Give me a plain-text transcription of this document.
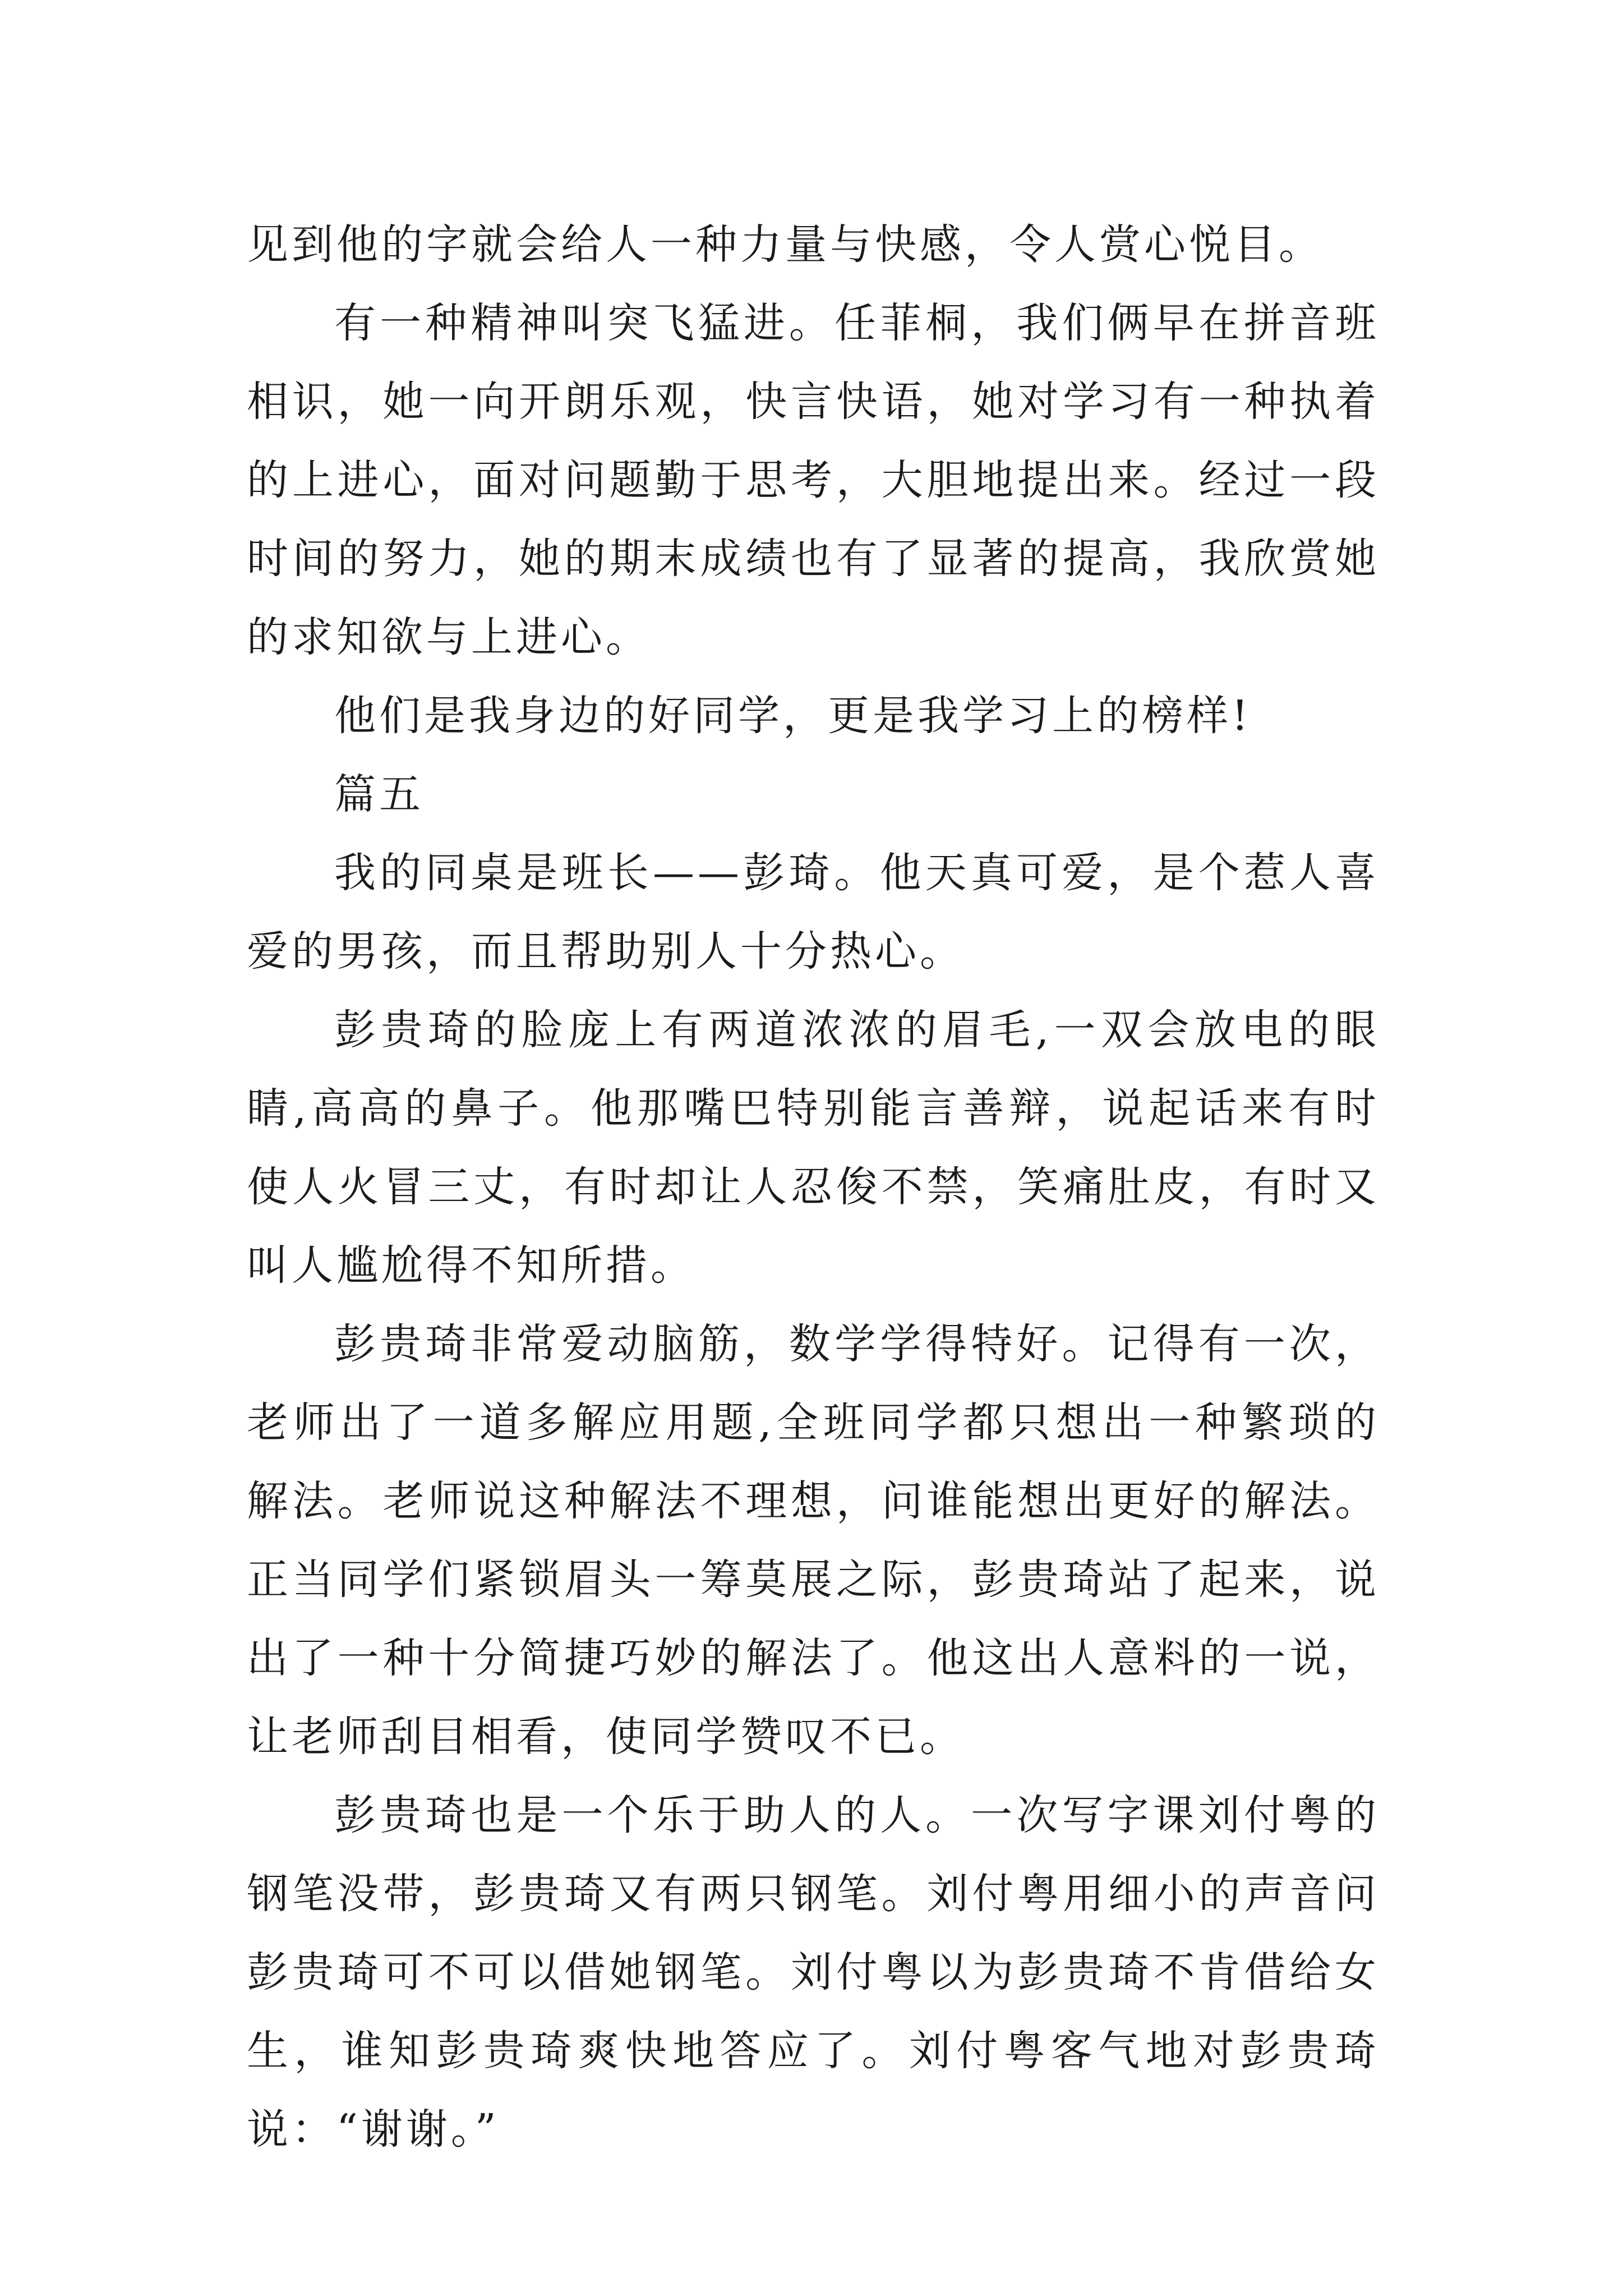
见到他的字就会给人一种力量与快感，令人赏心悦目。

有一种精神叫突飞猛进。任菲桐，我们俩早在拼音班相识，她一向开朗乐观，快言快语，她对学习有一种执着的上进心，面对问题勤于思考，大胆地提出来。经过一段时间的努力，她的期末成绩也有了显著的提高，我欣赏她的求知欲与上进心。

他们是我身边的好同学，更是我学习上的榜样!

篇五

我的同桌是班长——彭琦。他天真可爱，是个惹人喜爱的男孩，而且帮助别人十分热心。

彭贵琦的脸庞上有两道浓浓的眉毛,一双会放电的眼睛,高高的鼻子。他那嘴巴特别能言善辩，说起话来有时使人火冒三丈，有时却让人忍俊不禁，笑痛肚皮，有时又叫人尴尬得不知所措。

彭贵琦非常爱动脑筋，数学学得特好。记得有一次，老师出了一道多解应用题,全班同学都只想出一种繁琐的解法。老师说这种解法不理想，问谁能想出更好的解法。正当同学们紧锁眉头一筹莫展之际，彭贵琦站了起来，说出了一种十分简捷巧妙的解法了。他这出人意料的一说，让老师刮目相看，使同学赞叹不已。

彭贵琦也是一个乐于助人的人。一次写字课刘付粤的钢笔没带，彭贵琦又有两只钢笔。刘付粤用细小的声音问彭贵琦可不可以借她钢笔。刘付粤以为彭贵琦不肯借给女生，谁知彭贵琦爽快地答应了。刘付粤客气地对彭贵琦说：“谢谢。”
